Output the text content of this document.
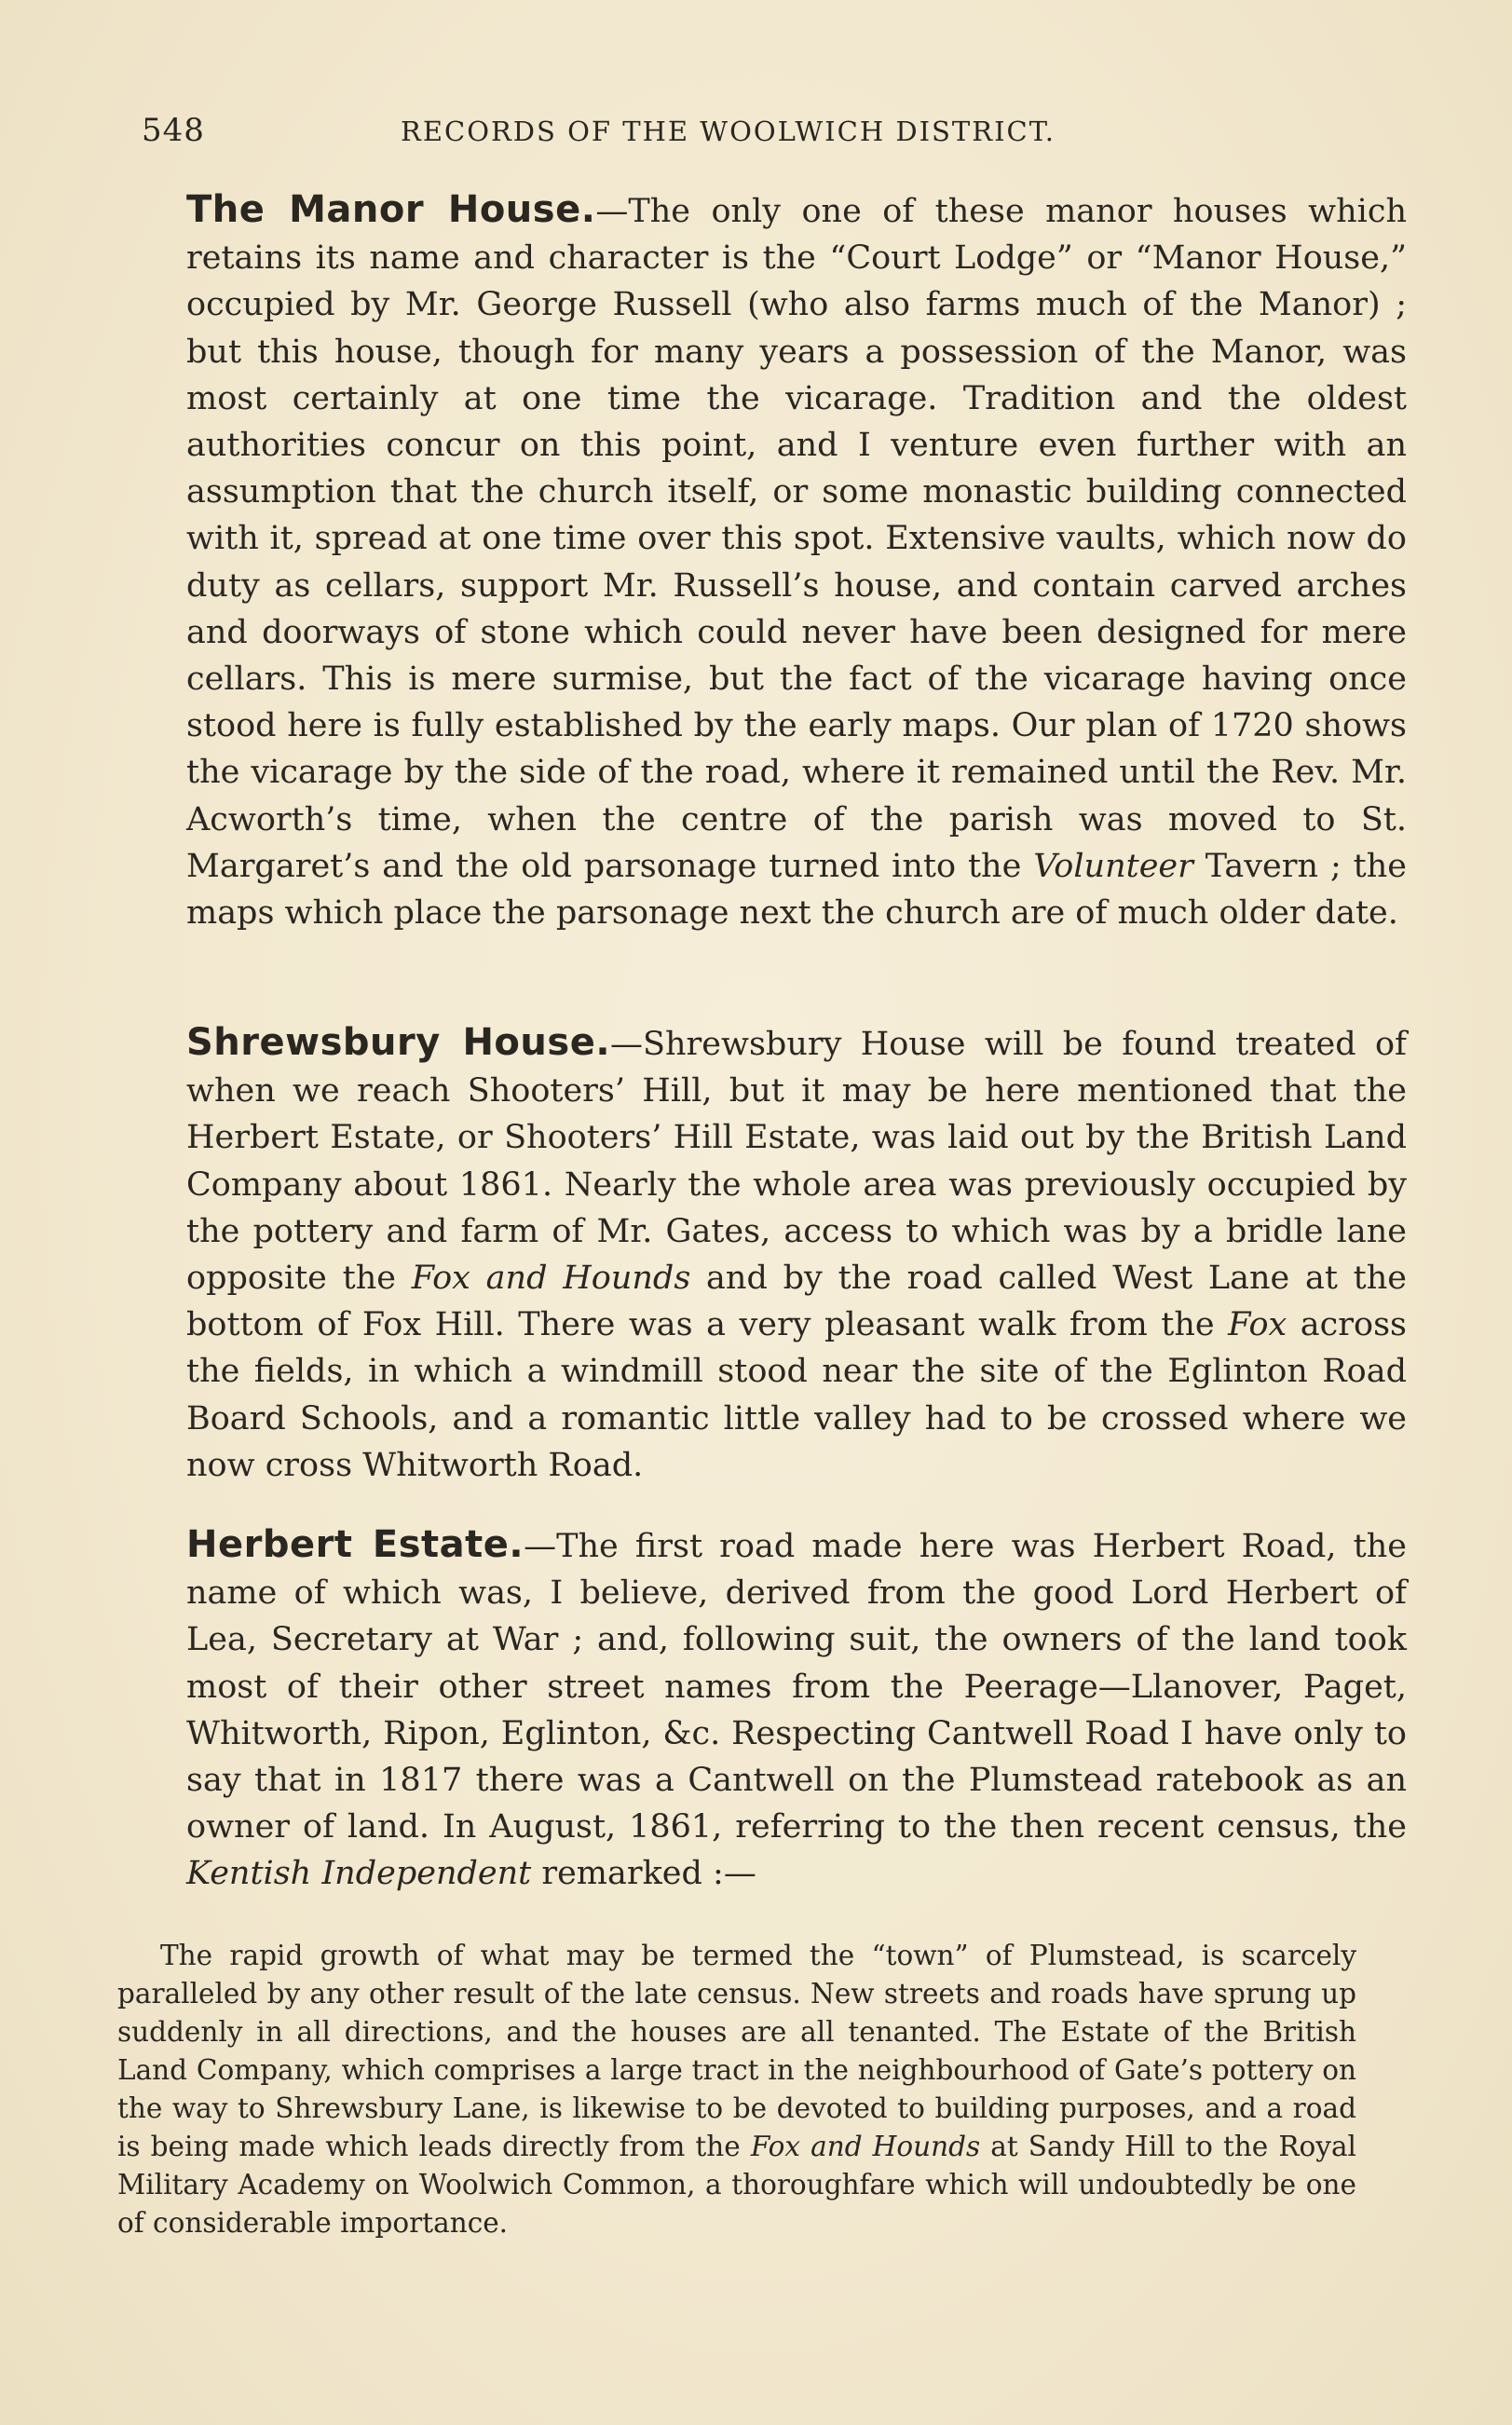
548	RECORDS OF THE WOOLWICH DISTRICT.

The Manor House.—The only one of these manor houses which retains its name and character is the “Court Lodge” or “Manor House,” occupied by Mr. George Russell (who also farms much of the Manor) ; but this house, though for many years a possession of the Manor, was most certainly at one time the vicarage. Tradition and the oldest authorities concur on this point, and I venture even further with an assumption that the church itself, or some monastic building connected with it, spread at one time over this spot. Extensive vaults, which now do duty as cellars, support Mr. Russell’s house, and contain carved arches and doorways of stone which could never have been designed for mere cellars. This is mere surmise, but the fact of the vicarage having once stood here is fully established by the early maps. Our plan of 1720 shows the vicarage by the side of the road, where it remained until the Rev. Mr. Acworth’s time, when the centre of the parish was moved to St. Margaret’s and the old parsonage turned into the Volunteer Tavern ; the maps which place the parsonage next the church are of much older date.

Shrewsbury House.—Shrewsbury House will be found treated of when we reach Shooters’ Hill, but it may be here mentioned that the Herbert Estate, or Shooters’ Hill Estate, was laid out by the British Land Company about 1861. Nearly the whole area was previously occupied by the pottery and farm of Mr. Gates, access to which was by a bridle lane opposite the Fox and Hounds and by the road called West Lane at the bottom of Fox Hill. There was a very pleasant walk from the Fox across the fields, in which a windmill stood near the site of the Eglinton Road Board Schools, and a romantic little valley had to be crossed where we now cross Whitworth Road.

Herbert Estate.—The first road made here was Herbert Road, the name of which was, I believe, derived from the good Lord Herbert of Lea, Secretary at War ; and, following suit, the owners of the land took most of their other street names from the Peerage—Llanover, Paget, Whitworth, Ripon, Eglinton, &c. Respecting Cantwell Road I have only to say that in 1817 there was a Cantwell on the Plumstead ratebook as an owner of land. In August, 1861, referring to the then recent census, the Kentish Independent remarked :—

The rapid growth of what may be termed the “town” of Plumstead, is scarcely paralleled by any other result of the late census. New streets and roads have sprung up suddenly in all directions, and the houses are all tenanted. The Estate of the British Land Company, which comprises a large tract in the neighbourhood of Gate’s pottery on the way to Shrewsbury Lane, is likewise to be devoted to building purposes, and a road is being made which leads directly from the Fox and Hounds at Sandy Hill to the Royal Military Academy on Woolwich Common, a thoroughfare which will undoubtedly be one of considerable importance.
